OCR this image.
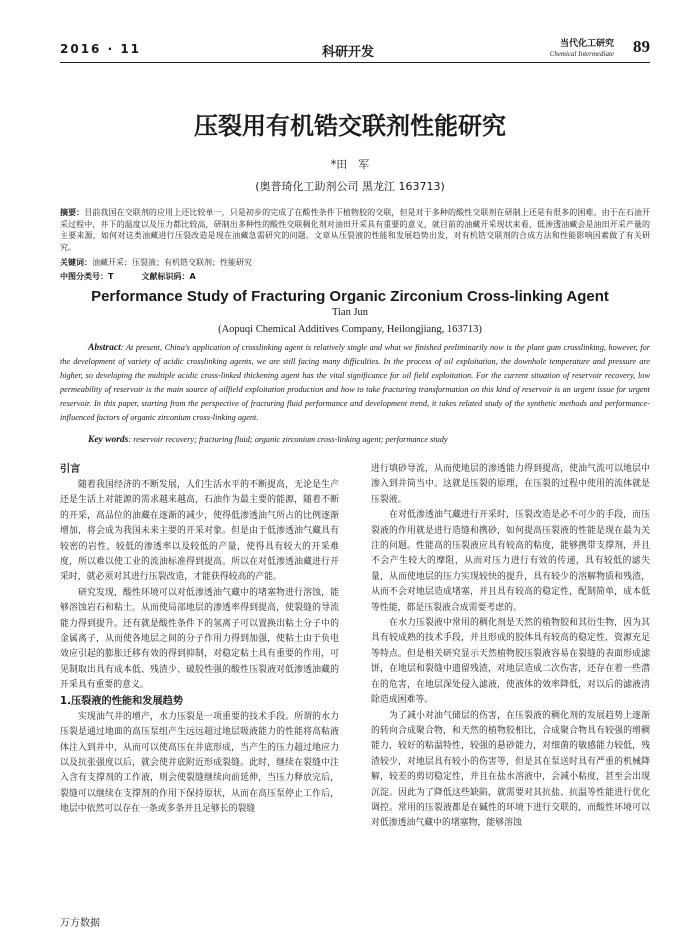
2016 · 11	科研开发
当代化工研究
Chemical Intermediate 89
压裂用有机锆交联剂性能研究
*田　军
(奥普琦化工助剂公司 黑龙江 163713)
摘要：目前我国在交联剂的应用上还比较单一，只是初步的完成了在酸性条件下植物胶的交联，但是对于多种的酸性交联剂在研制上还是有很多的困难。由于在石油开采过程中，井下的温度以及压力都比较高，研制出多种性的酸性交联稠化剂对油田开采具有重要的意义，就目前的油藏开采现状来看，低渗透油藏会是油田开采产量的主要来源，如何对这类油藏进行压裂改造是现在油藏急需研究的问题。文章从压裂液的性能和发展趋势出发，对有机锆交联剂的合成方法和性能影响因素做了有关研究。
关键词：油藏开采；压裂液；有机锆交联剂；性能研究
中图分类号：T	文献标识码：A
Performance Study of Fracturing Organic Zirconium Cross-linking Agent
Tian Jun
(Aopuqi Chemical Additives Company, Heilongjiang, 163713)
Abstract: At present, China's application of crosslinking agent is relatively single and what we finished preliminarily now is the plant gum crosslinking, however, for the development of variety of acidic crosslinking agents, we are still facing many difficulties. In the process of oil exploitation, the downhole temperature and pressure are higher, so developing the multiple acidic cross-linked thickening agent has the vital significance for oil field exploitation. For the current situation of reservoir recovery, low permeability of reservoir is the main source of oilfield exploitation production and how to take fracturing transformation on this kind of reservoir is an urgent issue for urgent reservoir. In this paper, starting from the perspective of fracturing fluid performance and development trend, it takes related study of the synthetic methods and performance-influenced factors of organic zirconium cross-linking agent.
Key words: reservoir recovery; fracturing fluid; organic zirconium cross-linking agent; performance study
引言

随着我国经济的不断发展，人们生活水平的不断提高，无论是生产还是生活上对能源的需求越来越高，石油作为最主要的能源，随着不断的开采，高品位的油藏在逐渐的减少，使得低渗透油气所占的比例逐渐增加，将会成为我国未来主要的开采对象。但是由于低渗透油气藏具有较密的岩性，较低的渗透率以及较低的产量，使得具有较大的开采难度，所以难以使工业的流油标准得到提高。所以在对低渗透油藏进行开采时，就必须对其进行压裂改造，才能获得较高的产能。

研究发现，酸性环境可以对低渗透油气藏中的堵塞物进行溶蚀，能够溶蚀岩石和粘土。从而使局部地层的渗透率得到提高，使裂缝的导流能力得到提升。还有就是酸性条件下的氢离子可以置换出粘土分子中的金属离子，从而使各地层之间的分子作用力得到加强，使粘土由于负电效应引起的膨胀迁移有效的得到抑制，对稳定粘土具有重要的作用，可见制取出具有成本低、残渣少、破胶性强的酸性压裂液对低渗透油藏的开采具有重要的意义。

1.压裂液的性能和发展趋势

实现油气井的增产，水力压裂是一项重要的技术手段。所谓的水力压裂是通过地面的高压泵组产生远远超过地层吸液能力的性能将高粘液体注入到井中，从而可以使高压在井底形成，当产生的压力超过地应力以及抗张强度以后，就会使井底附近形成裂缝。此时，继续在裂缝中注入含有支撑剂的工作液，则会使裂缝继续向前延伸，当压力释放完后，裂缝可以继续在支撑剂的作用下保持原状，从而在高压泵停止工作后，地层中依然可以存在一条或多条并且足够长的裂缝

进行填砂导流，从而使地层的渗透能力得到提高，使油气流可以地层中渗入到井筒当中。这就是压裂的原理，在压裂的过程中使用的流体就是压裂液。

在对低渗透油气藏进行开采时，压裂改造是必不可少的手段，而压裂液的作用就是进行造缝和携砂，如何提高压裂液的性能是现在最为关注的问题。性能高的压裂液应具有较高的粘度，能够携带支撑剂，并且不会产生较大的摩阻，从而对压力进行有效的传递，具有较低的滤失量，从而使地层的压力实现较快的提升，具有较少的溶解物质和残渣，从而不会对地层造成堵塞，并且具有较高的稳定性，配制简单，成本低等性能，都是压裂液合成需要考虑的。

在水力压裂液中常用的稠化剂是天然的植物胶和其衍生物，因为其具有较成熟的技术手段，并且形成的胶体具有较高的稳定性，资源充足等特点。但是相关研究显示天然植物胶压裂液容易在裂缝的表面形成滤饼，在地层和裂缝中遗留残渣，对地层造成二次伤害，还存在着一些潜在的危害，在地层深处侵入滤液，使液体的效率降低，对以后的滤液清除造成困难等。

为了减小对油气储层的伤害，在压裂液的稠化剂的发展趋势上逐渐的转向合成聚合物，和天然的植物胶相比，合成聚合物具有较强的增稠能力，较好的粘温特性，较强的悬砂能力，对细菌的敏感能力较低，残渣较少，对地层具有较小的伤害等，但是其在泵送时具有严重的机械降解，较差的剪切稳定性，并且在盐水溶液中，会减小粘度，甚至会出现沉淀。因此为了降低这些缺陷，就需要对其抗盐、抗温等性能进行优化调控。常用的压裂液都是在碱性的环境下进行交联的，而酸性环境可以对低渗透油气藏中的堵塞物，能够溶蚀

万方数据
